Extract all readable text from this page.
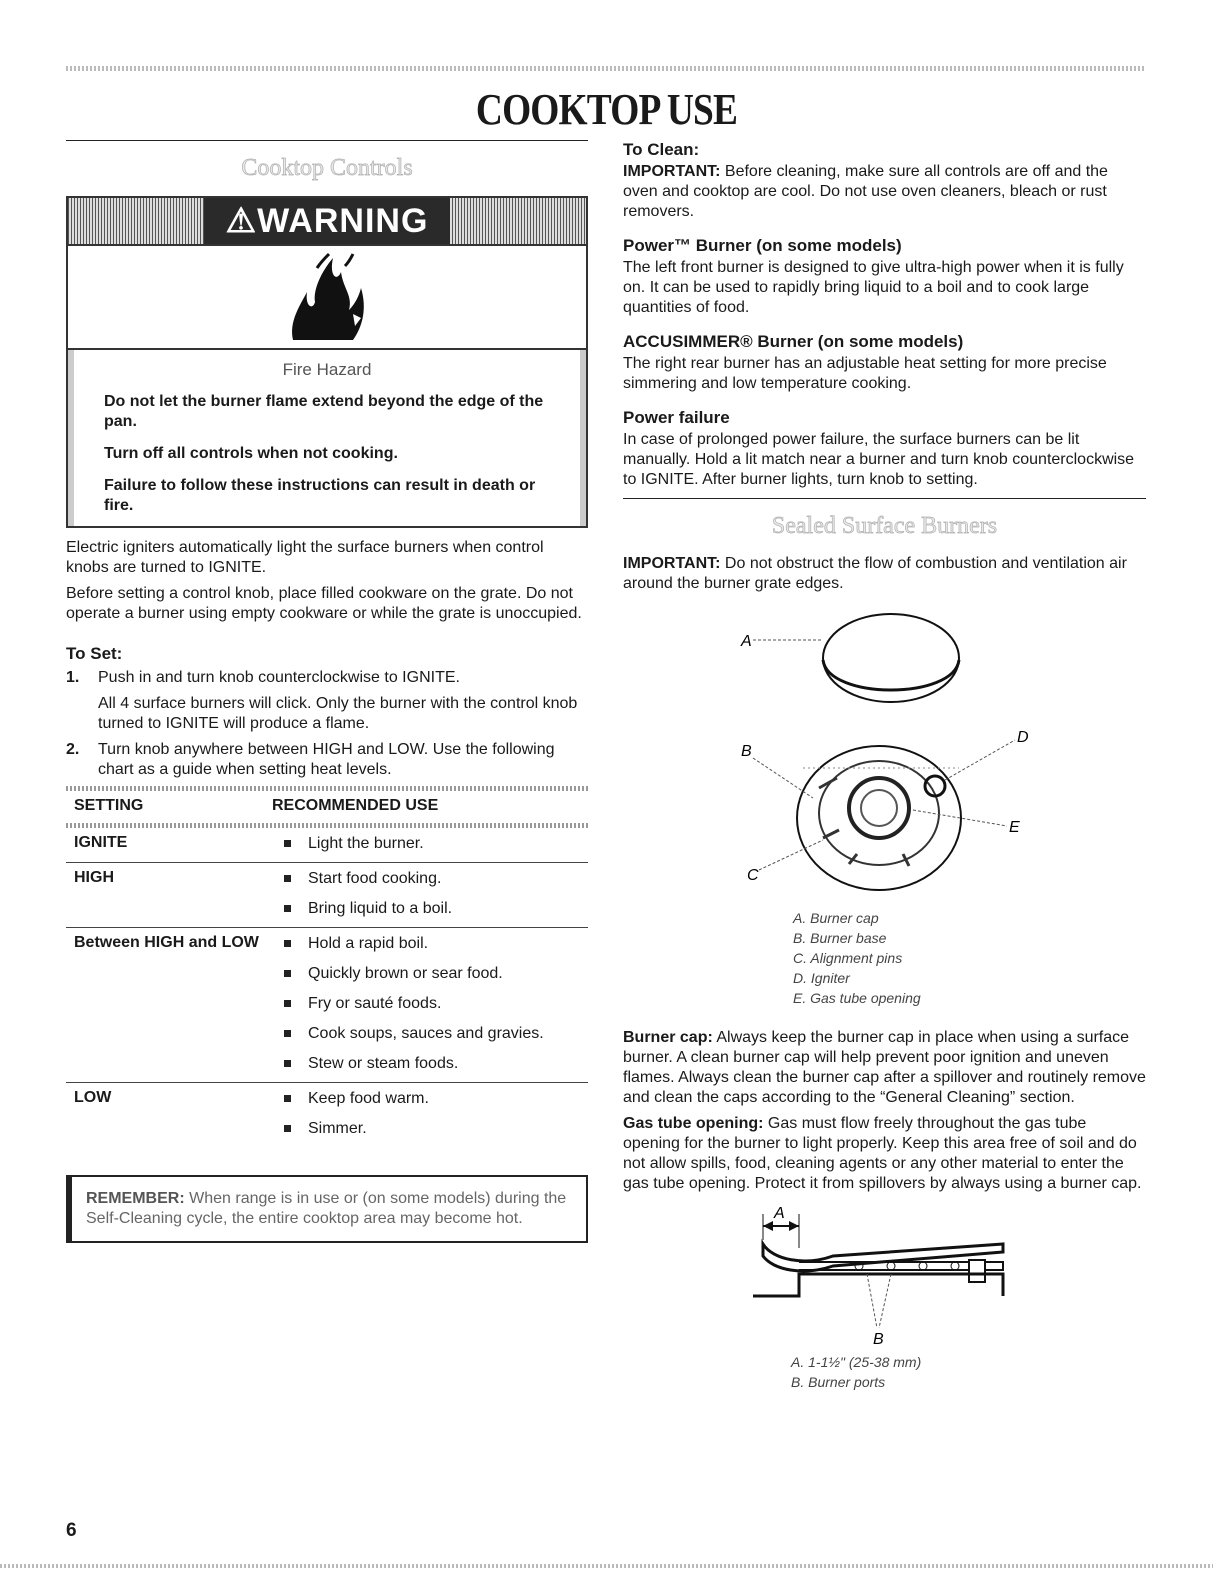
COOKTOP USE
Cooktop Controls
⚠WARNING
Fire Hazard

Do not let the burner flame extend beyond the edge of the pan.

Turn off all controls when not cooking.

Failure to follow these instructions can result in death or fire.

Electric igniters automatically light the surface burners when control knobs are turned to IGNITE.

Before setting a control knob, place filled cookware on the grate. Do not operate a burner using empty cookware or while the grate is unoccupied.

To Set:
1. Push in and turn knob counterclockwise to IGNITE.
All 4 surface burners will click. Only the burner with the control knob turned to IGNITE will produce a flame.
2. Turn knob anywhere between HIGH and LOW. Use the following chart as a guide when setting heat levels.
SETTING	RECOMMENDED USE

IGNITE	Light the burner.

HIGH	Start food cooking.
Bring liquid to a boil.

Between HIGH and LOW	Hold a rapid boil.
Quickly brown or sear food.
Fry or sauté foods.
Cook soups, sauces and gravies.
Stew or steam foods.

LOW	Keep food warm.
Simmer.
REMEMBER: When range is in use or (on some models) during the Self-Cleaning cycle, the entire cooktop area may become hot.
To Clean:

IMPORTANT: Before cleaning, make sure all controls are off and the oven and cooktop are cool. Do not use oven cleaners, bleach or rust removers.

Power™ Burner (on some models)

The left front burner is designed to give ultra-high power when it is fully on. It can be used to rapidly bring liquid to a boil and to cook large quantities of food.

ACCUSIMMER® Burner (on some models)

The right rear burner has an adjustable heat setting for more precise simmering and low temperature cooking.

Power failure

In case of prolonged power failure, the surface burners can be lit manually. Hold a lit match near a burner and turn knob counterclockwise to IGNITE. After burner lights, turn knob to setting.

Sealed Surface Burners

IMPORTANT: Do not obstruct the flow of combustion and ventilation air around the burner grate edges.

A
B
C
D
E
A. Burner cap
B. Burner base
C. Alignment pins
D. Igniter
E. Gas tube opening

Burner cap: Always keep the burner cap in place when using a surface burner. A clean burner cap will help prevent poor ignition and uneven flames. Always clean the burner cap after a spillover and routinely remove and clean the caps according to the “General Cleaning” section.

Gas tube opening: Gas must flow freely throughout the gas tube opening for the burner to light properly. Keep this area free of soil and do not allow spills, food, cleaning agents or any other material to enter the gas tube opening. Protect it from spillovers by always using a burner cap.

A
B
A. 1-1½" (25-38 mm)
B. Burner ports
6
